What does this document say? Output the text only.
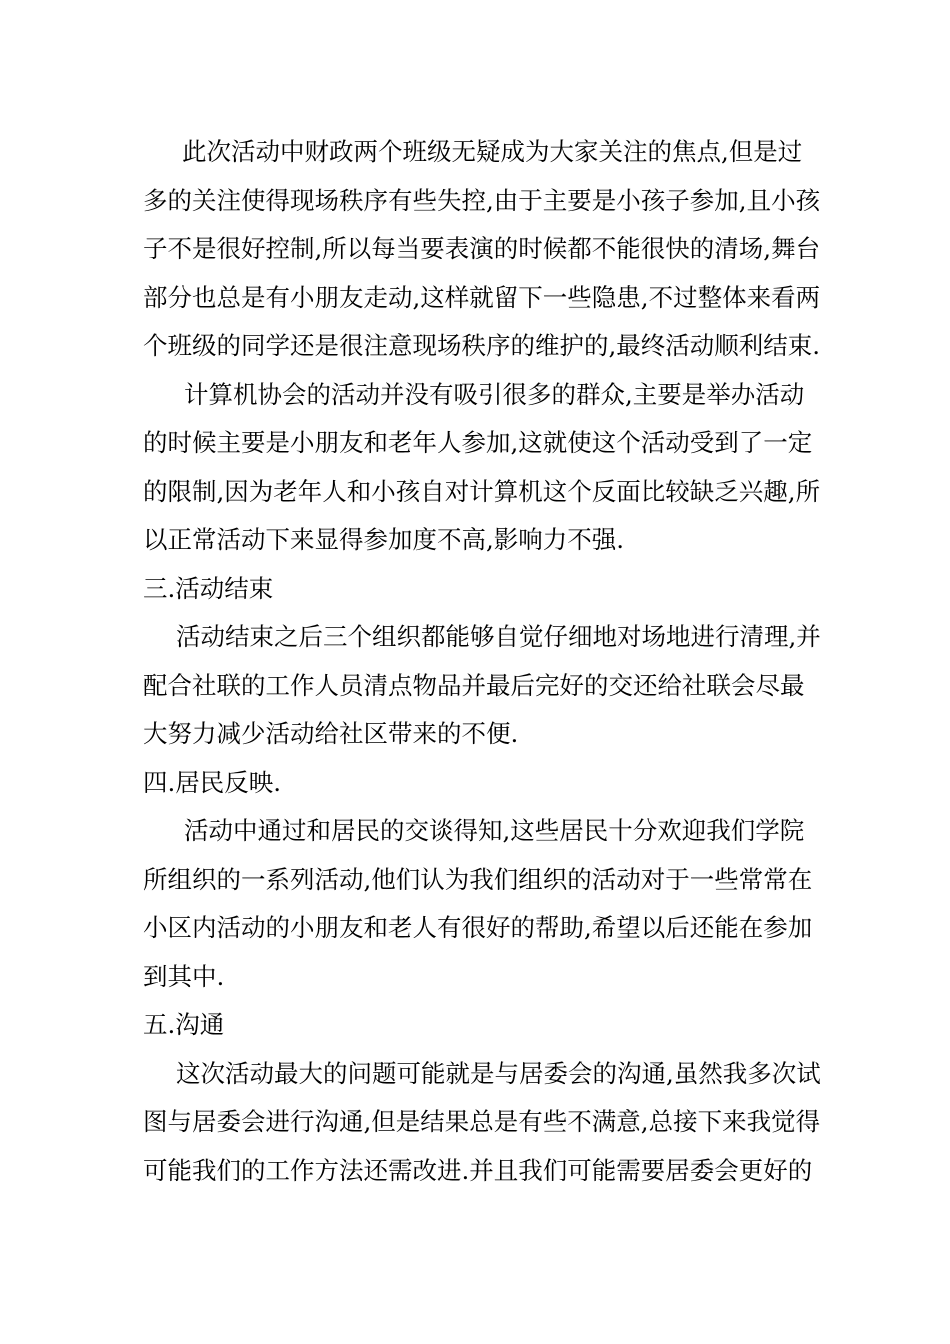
此次活动中财政两个班级无疑成为大家关注的焦点,但是过
多的关注使得现场秩序有些失控,由于主要是小孩子参加,且小孩
子不是很好控制,所以每当要表演的时候都不能很快的清场,舞台
部分也总是有小朋友走动,这样就留下一些隐患,不过整体来看两
个班级的同学还是很注意现场秩序的维护的,最终活动顺利结束.
计算机协会的活动并没有吸引很多的群众,主要是举办活动
的时候主要是小朋友和老年人参加,这就使这个活动受到了一定
的限制,因为老年人和小孩自对计算机这个反面比较缺乏兴趣,所
以正常活动下来显得参加度不高,影响力不强.
三.活动结束
活动结束之后三个组织都能够自觉仔细地对场地进行清理,并
配合社联的工作人员清点物品并最后完好的交还给社联会尽最
大努力减少活动给社区带来的不便.
四.居民反映.
活动中通过和居民的交谈得知,这些居民十分欢迎我们学院
所组织的一系列活动,他们认为我们组织的活动对于一些常常在
小区内活动的小朋友和老人有很好的帮助,希望以后还能在参加
到其中.
五.沟通
这次活动最大的问题可能就是与居委会的沟通,虽然我多次试
图与居委会进行沟通,但是结果总是有些不满意,总接下来我觉得
可能我们的工作方法还需改进.并且我们可能需要居委会更好的
